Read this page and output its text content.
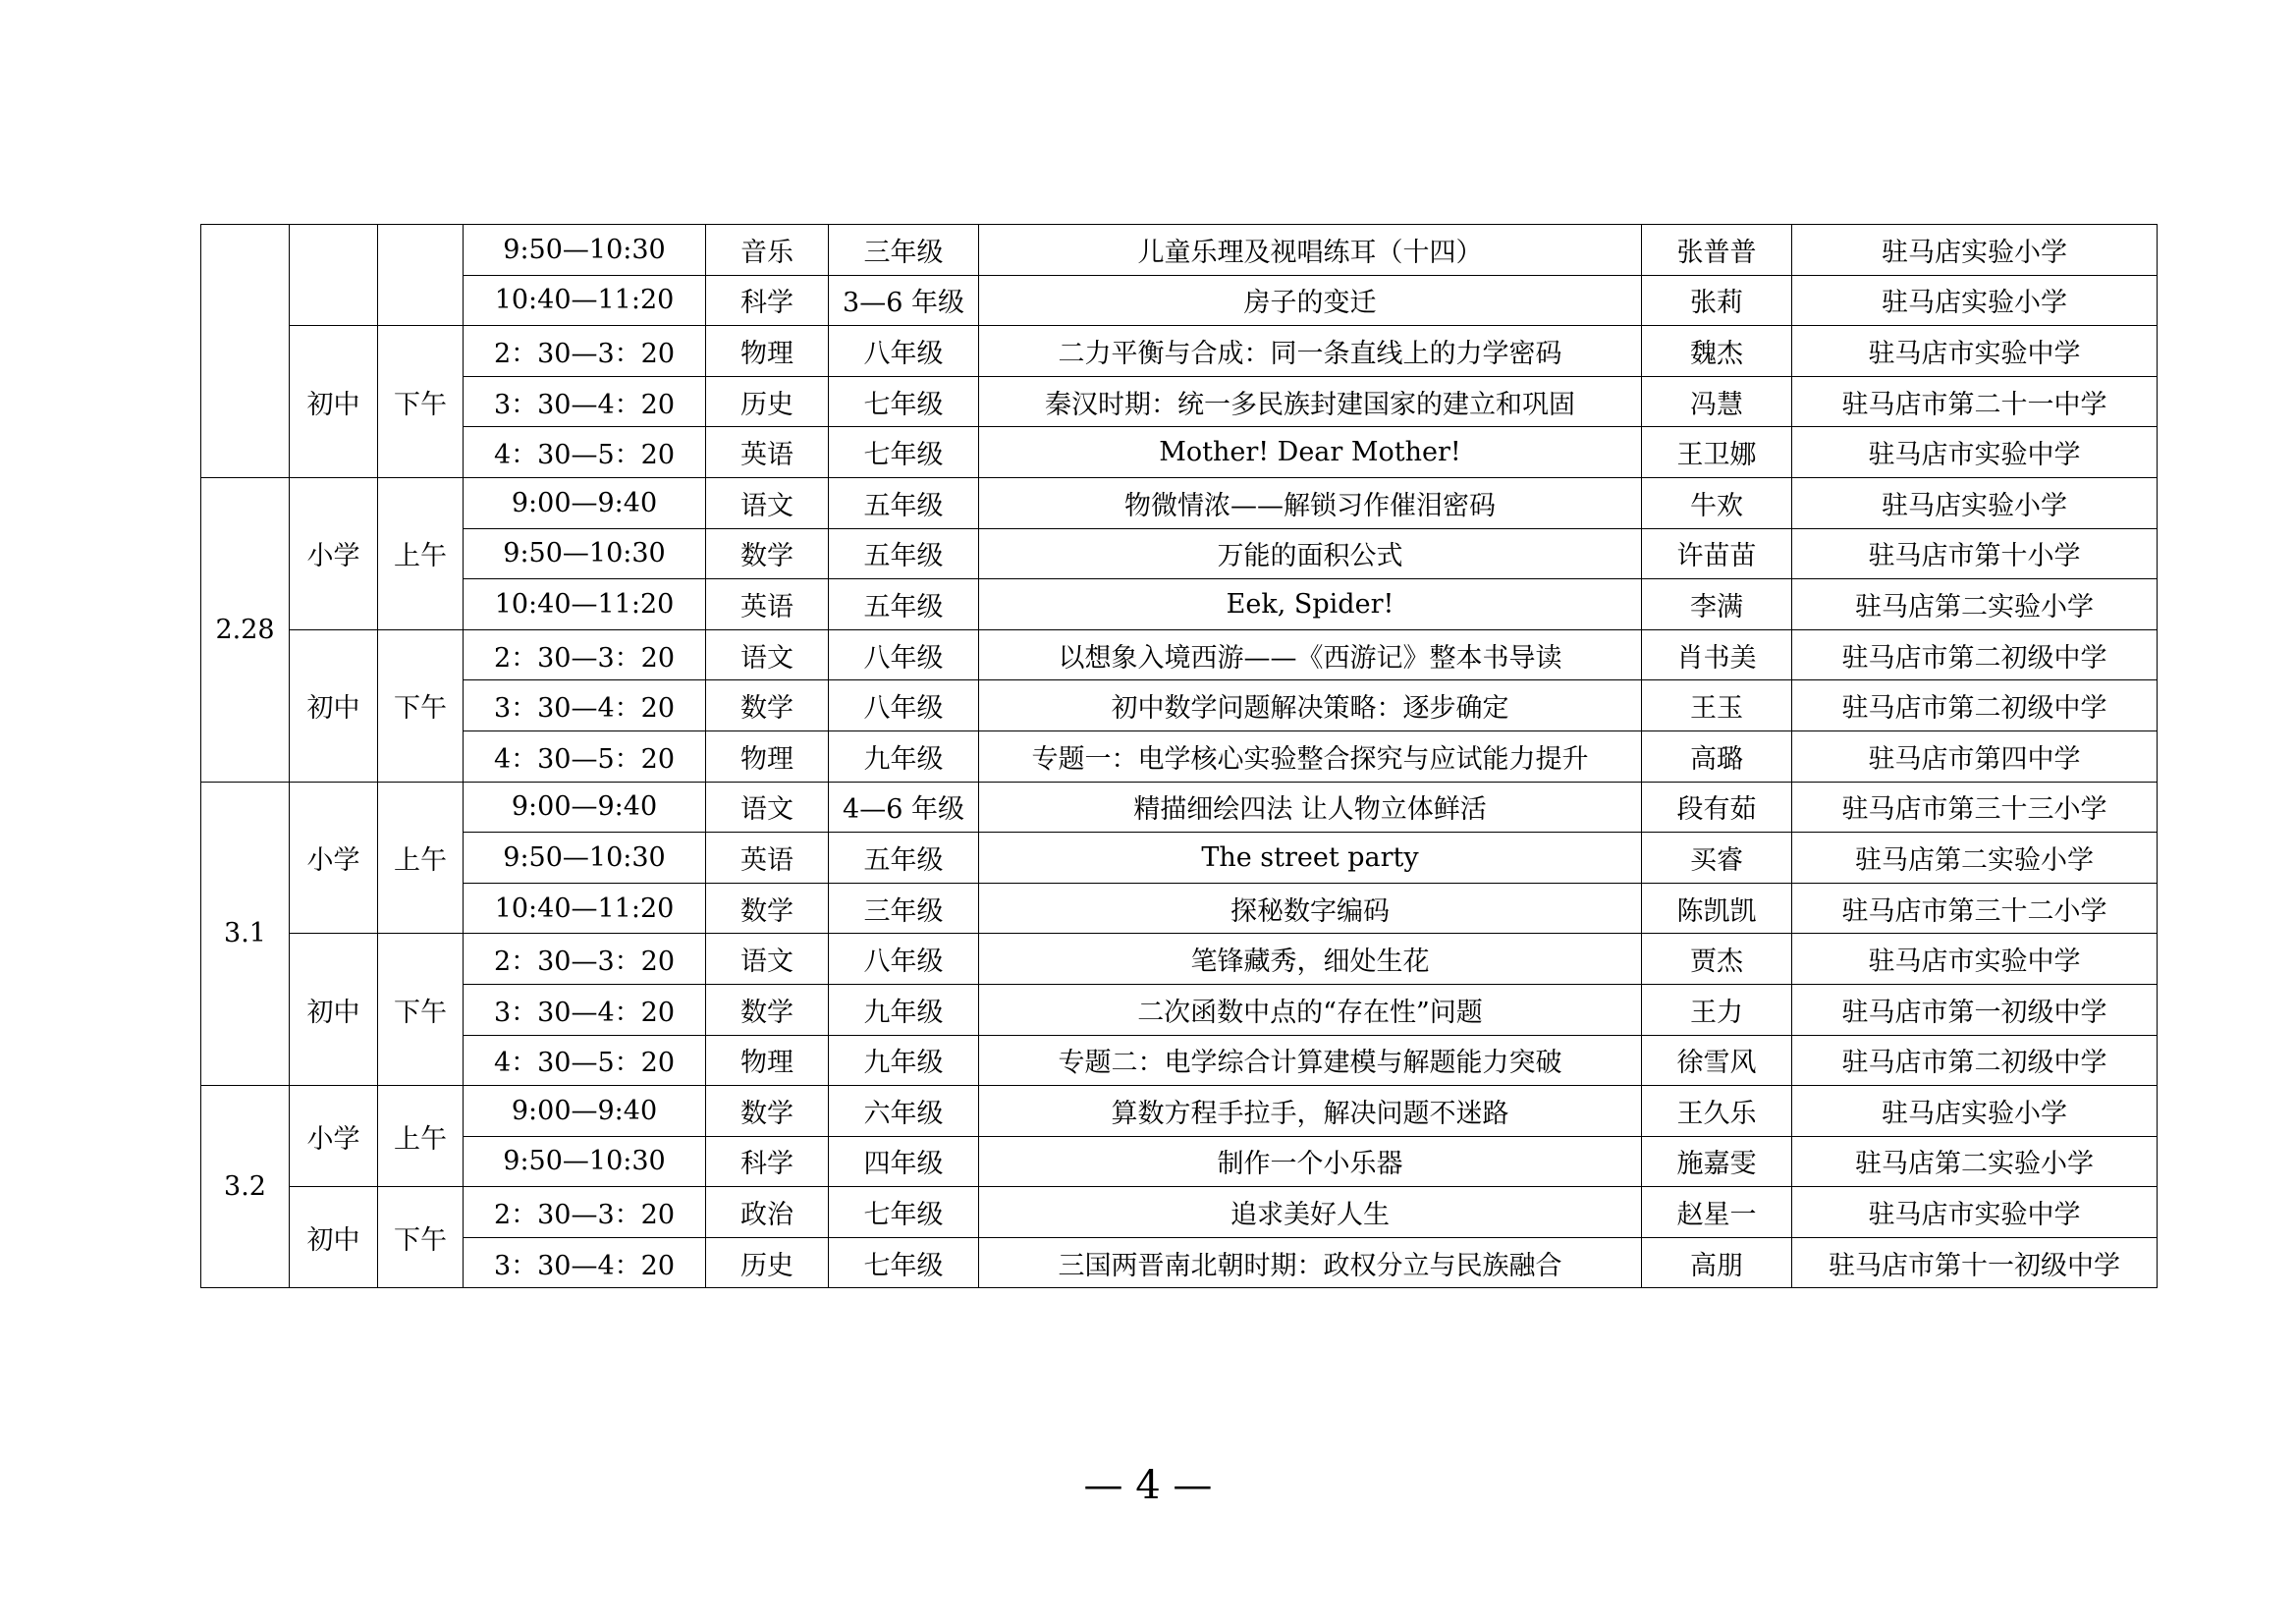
			9:50—10:30	音乐	三年级	儿童乐理及视唱练耳（十四）	张普普	驻马店实验小学
			10:40—11:20	科学	3—6 年级	房子的变迁	张莉	驻马店实验小学
	初中	下午	2：30—3：20	物理	八年级	二力平衡与合成：同一条直线上的力学密码	魏杰	驻马店市实验中学
			3：30—4：20	历史	七年级	秦汉时期：统一多民族封建国家的建立和巩固	冯慧	驻马店市第二十一中学
			4：30—5：20	英语	七年级	Mother! Dear Mother!	王卫娜	驻马店市实验中学
2.28	小学	上午	9:00—9:40	语文	五年级	物微情浓——解锁习作催泪密码	牛欢	驻马店实验小学
			9:50—10:30	数学	五年级	万能的面积公式	许苗苗	驻马店市第十小学
			10:40—11:20	英语	五年级	Eek, Spider!	李满	驻马店第二实验小学
	初中	下午	2：30—3：20	语文	八年级	以想象入境西游——《西游记》整本书导读	肖书美	驻马店市第二初级中学
			3：30—4：20	数学	八年级	初中数学问题解决策略：逐步确定	王玉	驻马店市第二初级中学
			4：30—5：20	物理	九年级	专题一：电学核心实验整合探究与应试能力提升	高璐	驻马店市第四中学
3.1	小学	上午	9:00—9:40	语文	4—6 年级	精描细绘四法 让人物立体鲜活	段有茹	驻马店市第三十三小学
			9:50—10:30	英语	五年级	The street party	买睿	驻马店第二实验小学
			10:40—11:20	数学	三年级	探秘数字编码	陈凯凯	驻马店市第三十二小学
	初中	下午	2：30—3：20	语文	八年级	笔锋藏秀，细处生花	贾杰	驻马店市实验中学
			3：30—4：20	数学	九年级	二次函数中点的“存在性”问题	王力	驻马店市第一初级中学
			4：30—5：20	物理	九年级	专题二：电学综合计算建模与解题能力突破	徐雪风	驻马店市第二初级中学
3.2	小学	上午	9:00—9:40	数学	六年级	算数方程手拉手，解决问题不迷路	王久乐	驻马店实验小学
			9:50—10:30	科学	四年级	制作一个小乐器	施嘉雯	驻马店第二实验小学
	初中	下午	2：30—3：20	政治	七年级	追求美好人生	赵星一	驻马店市实验中学
			3：30—4：20	历史	七年级	三国两晋南北朝时期：政权分立与民族融合	高朋	驻马店市第十一初级中学
— 4 —
